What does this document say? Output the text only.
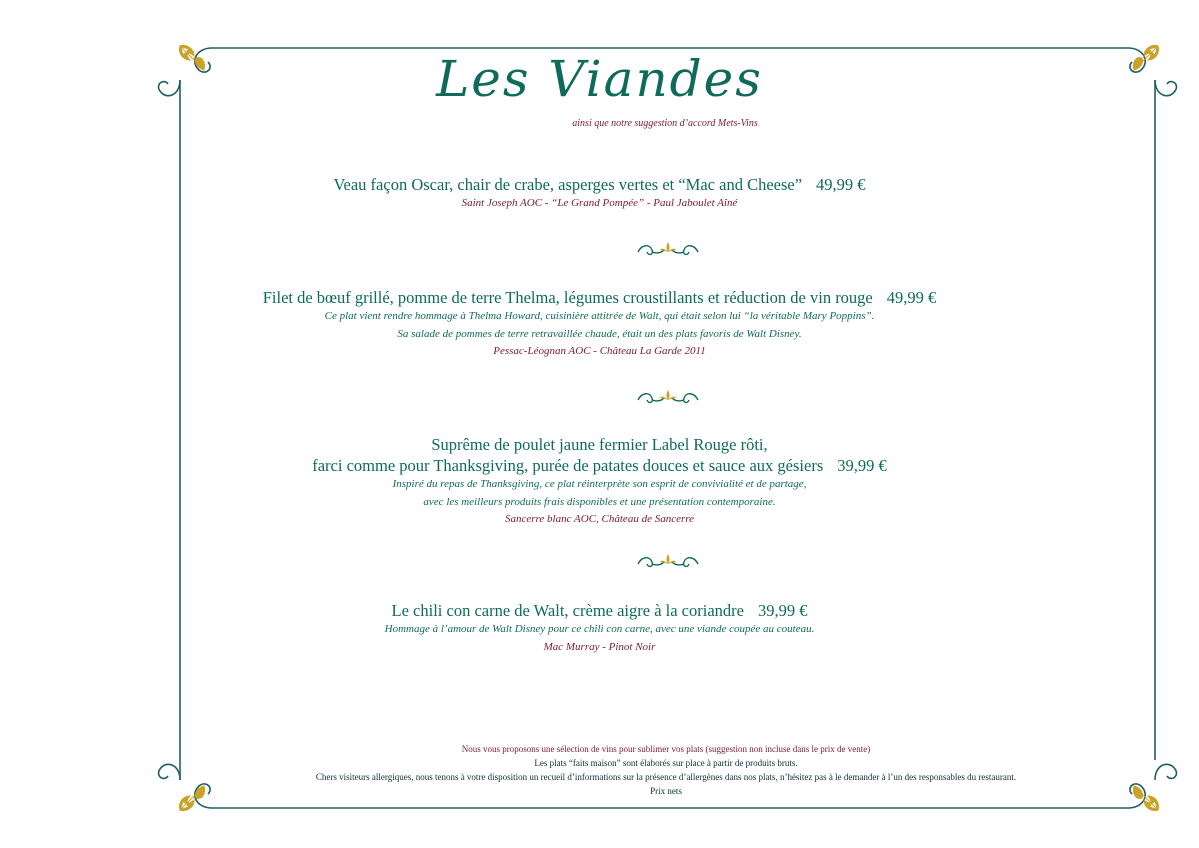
Les Viandes
ainsi que notre suggestion d’accord Mets-Vins
Veau façon Oscar, chair de crabe, asperges vertes et “Mac and Cheese” 49,99 €
Saint Joseph AOC - “Le Grand Pompée” - Paul Jaboulet Aîné
Filet de bœuf grillé, pomme de terre Thelma, légumes croustillants et réduction de vin rouge 49,99 €
Ce plat vient rendre hommage à Thelma Howard, cuisinière attitrée de Walt, qui était selon lui “la véritable Mary Poppins”.
Sa salade de pommes de terre retravaillée chaude, était un des plats favoris de Walt Disney.
Pessac-Léognan AOC - Château La Garde 2011
Suprême de poulet jaune fermier Label Rouge rôti,
farci comme pour Thanksgiving, purée de patates douces et sauce aux gésiers 39,99 €
Inspiré du repas de Thanksgiving, ce plat réinterprète son esprit de convivialité et de partage,
avec les meilleurs produits frais disponibles et une présentation contemporaine.
Sancerre blanc AOC, Château de Sancerre
Le chili con carne de Walt, crème aigre à la coriandre 39,99 €
Hommage à l’amour de Walt Disney pour ce chili con carne, avec une viande coupée au couteau.
Mac Murray - Pinot Noir
Nous vous proposons une sélection de vins pour sublimer vos plats (suggestion non incluse dans le prix de vente)
Les plats “faits maison” sont élaborés sur place à partir de produits bruts.
Chers visiteurs allergiques, nous tenons à votre disposition un recueil d’informations sur la présence d’allergènes dans nos plats, n’hésitez pas à le demander à l’un des responsables du restaurant.
Prix nets
